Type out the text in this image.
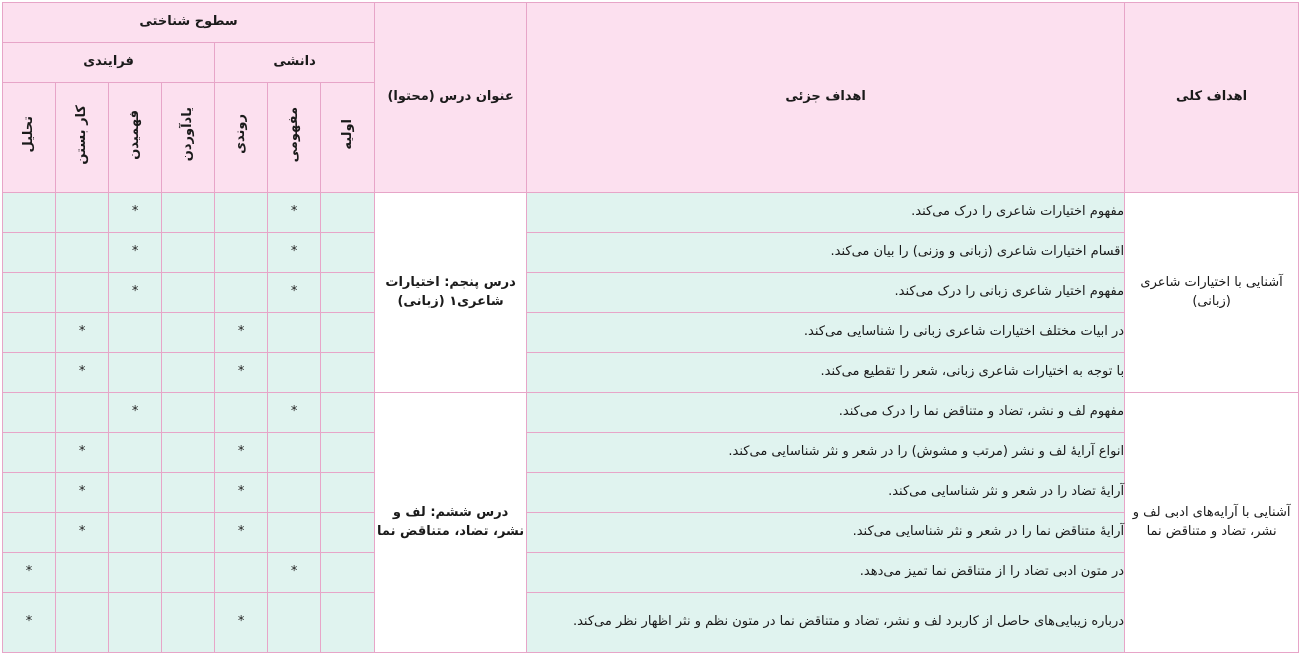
اهداف کلی	اهداف جزئی	عنوان درس (محتوا)	سطوح شناختی						
			دانشی			فرایندی			
			اولیه	مفهومی	روندی	یادآوردن	فهمیدن	کار بستن	تحلیل
آشنایی با اختیارات شاعری (زبانی)	مفهوم اختیارات شاعری را درک می‌کند.	درس پنجم: اختیارات شاعری۱ (زبانی)		*			*		
	اقسام اختیارات شاعری (زبانی و وزنی) را بیان می‌کند.			*			*		
	مفهوم اختیار شاعری زبانی را درک می‌کند.			*			*		
	در ابیات مختلف اختیارات شاعری زبانی را شناسایی می‌کند.				*			*	
	با توجه به اختیارات شاعری زبانی، شعر را تقطیع می‌کند.				*			*	
آشنایی با آرایه‌های ادبی لف و نشر، تضاد و متناقض نما	مفهوم لف و نشر، تضاد و متناقض نما را درک می‌کند.	درس ششم: لف و نشر، تضاد، متناقض نما		*			*		
	انواع آرایهٔ لف و نشر (مرتب و مشوش) را در شعر و نثر شناسایی می‌کند.				*			*	
	آرایهٔ تضاد را در شعر و نثر شناسایی می‌کند.				*			*	
	آرایهٔ متناقض نما را در شعر و نثر شناسایی می‌کند.				*			*	
	در متون ادبی تضاد را از متناقض نما تمیز می‌دهد.			*					*
	درباره زیبایی‌های حاصل از کاربرد لف و نشر، تضاد و متناقض نما در متون نظم و نثر اظهار نظر می‌کند.				*				*
